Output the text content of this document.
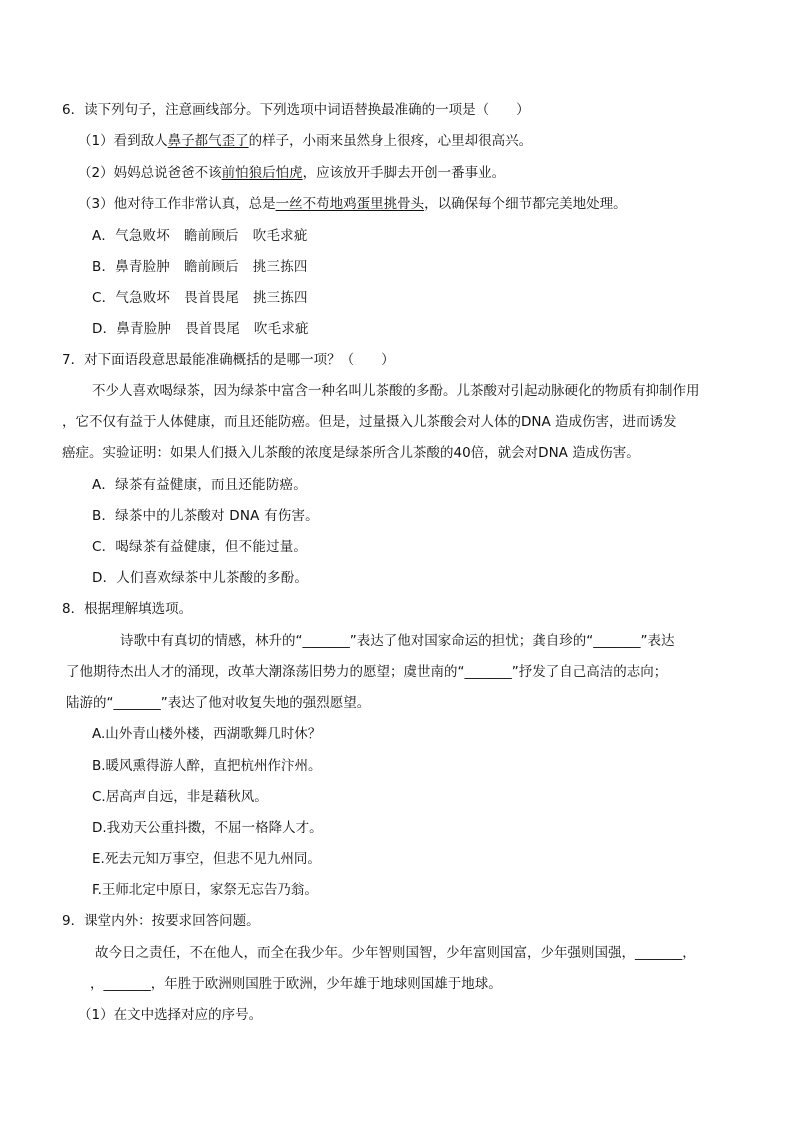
6．读下列句子，注意画线部分。下列选项中词语替换最准确的一项是（　　）
（1）看到敌人鼻子都气歪了的样子，小雨来虽然身上很疼，心里却很高兴。
（2）妈妈总说爸爸不该前怕狼后怕虎，应该放开手脚去开创一番事业。
（3）他对待工作非常认真，总是一丝不苟地鸡蛋里挑骨头，以确保每个细节都完美地处理。
A．气急败坏 瞻前顾后 吹毛求疵
B．鼻青脸肿 瞻前顾后 挑三拣四
C．气急败坏 畏首畏尾 挑三拣四
D．鼻青脸肿 畏首畏尾 吹毛求疵
7．对下面语段意思最能准确概括的是哪一项？（　　）
不少人喜欢喝绿茶，因为绿茶中富含一种名叫儿茶酸的多酚。儿茶酸对引起动脉硬化的物质有抑制作用
，它不仅有益于人体健康，而且还能防癌。但是，过量摄入儿茶酸会对人体的DNA 造成伤害，进而诱发
癌症。实验证明：如果人们摄入儿茶酸的浓度是绿茶所含儿茶酸的40倍，就会对DNA 造成伤害。
A．绿茶有益健康，而且还能防癌。
B．绿茶中的儿茶酸对 DNA 有伤害。
C．喝绿茶有益健康，但不能过量。
D．人们喜欢绿茶中儿茶酸的多酚。
8．根据理解填选项。
诗歌中有真切的情感，林升的“_______”表达了他对国家命运的担忧；龚自珍的“_______”表达
了他期待杰出人才的涌现，改革大潮涤荡旧势力的愿望；虞世南的“_______”抒发了自己高洁的志向；
陆游的“_______”表达了他对收复失地的强烈愿望。
A.山外青山楼外楼，西湖歌舞几时休？
B.暖风熏得游人醉，直把杭州作汴州。
C.居高声自远，非是藉秋风。
D.我劝天公重抖擞，不屈一格降人才。
E.死去元知万事空，但悲不见九州同。
F.王师北定中原日，家祭无忘告乃翁。
9．课堂内外：按要求回答问题。
故今日之责任，不在他人，而全在我少年。少年智则国智，少年富则国富，少年强则国强，_______，
，_______，年胜于欧洲则国胜于欧洲，少年雄于地球则国雄于地球。
（1）在文中选择对应的序号。
